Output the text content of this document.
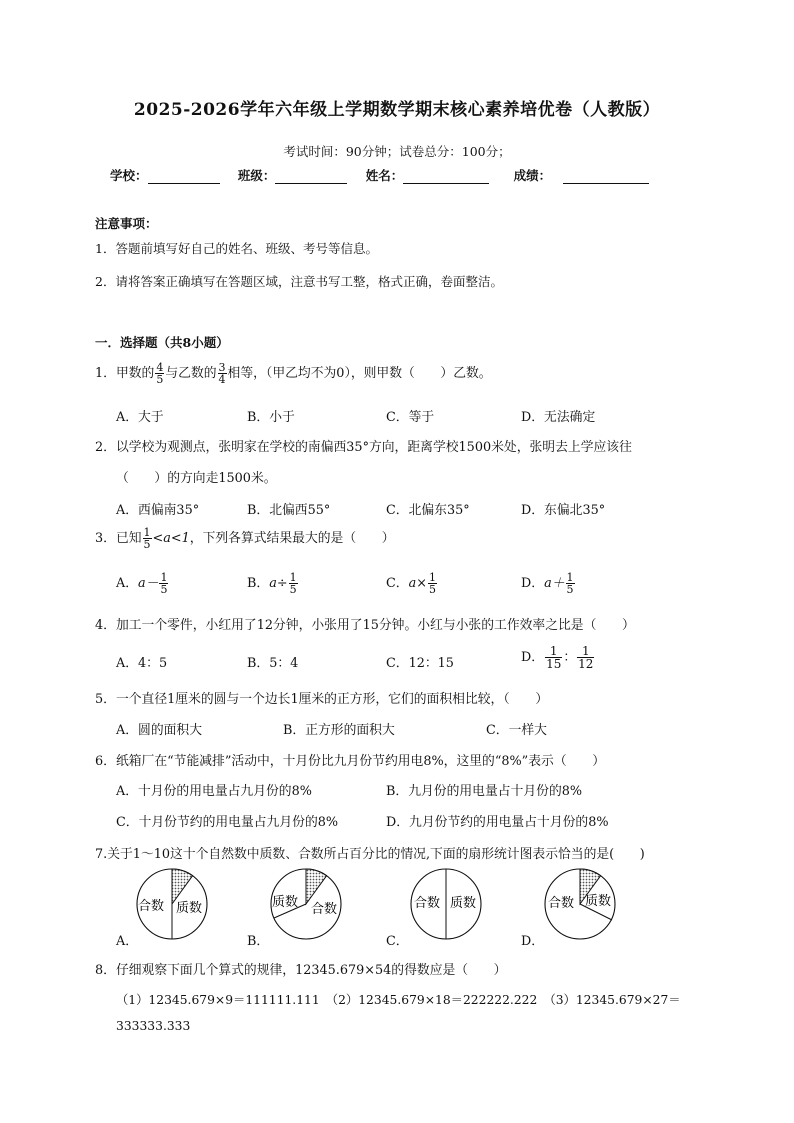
2025-2026学年六年级上学期数学期末核心素养培优卷（人教版）
考试时间：90分钟；试卷总分：100分；
学校：	班级：	姓名：	成绩：
注意事项：
1．答题前填写好自己的姓名、班级、考号等信息。
2．请将答案正确填写在答题区域，注意书写工整，格式正确，卷面整洁。
一．选择题（共8小题）
1．甲数的 $\frac{4}{5}$ 与乙数的 $\frac{3}{4}$ 相等，（甲乙均不为0），则甲数（　　）乙数。
A．大于	B．小于	C．等于	D．无法确定
2．以学校为观测点，张明家在学校的南偏西35°方向，距离学校1500米处，张明去上学应该往
（　　）的方向走1500米。
A．西偏南35°	B．北偏西55°	C．北偏东35°	D．东偏北35°
3．已知 $\frac{1}{5} <a<1$，下列各算式结果最大的是（　　）
A．$a- \frac{1}{5}$	B．$a\div \frac{1}{5}$	C．$a\times \frac{1}{5}$	D．$a+ \frac{1}{5}$
4．加工一个零件，小红用了12分钟，小张用了15分钟。小红与小张的工作效率之比是（　　）
A．4：5	B．5：4	C．12：15	D． $\frac{1}{15}$ ： $\frac{1}{12}$
5．一个直径1厘米的圆与一个边长1厘米的正方形，它们的面积相比较，（　　）
A．圆的面积大	B．正方形的面积大	C．一样大
6．纸箱厂在“节能减排”活动中，十月份比九月份节约用电8%，这里的“8%”表示（　　）
A．十月份的用电量占九月份的8%	B．九月份的用电量占十月份的8%
C．十月份节约的用电量占九月份的8%	D．九月份节约的用电量占十月份的8%
7.关于1～10这十个自然数中质数、合数所占百分比的情况,下面的扇形统计图表示恰当的是(　　)
合数 质数	质数 合数	合数 质数	合数 质数
A．	B．	C．	D．
8．仔细观察下面几个算式的规律，12345.679×54的得数应是（　　）
（1）12345.679×9＝111111.111　（2）12345.679×18＝222222.222　（3）12345.679×27＝
333333.333
